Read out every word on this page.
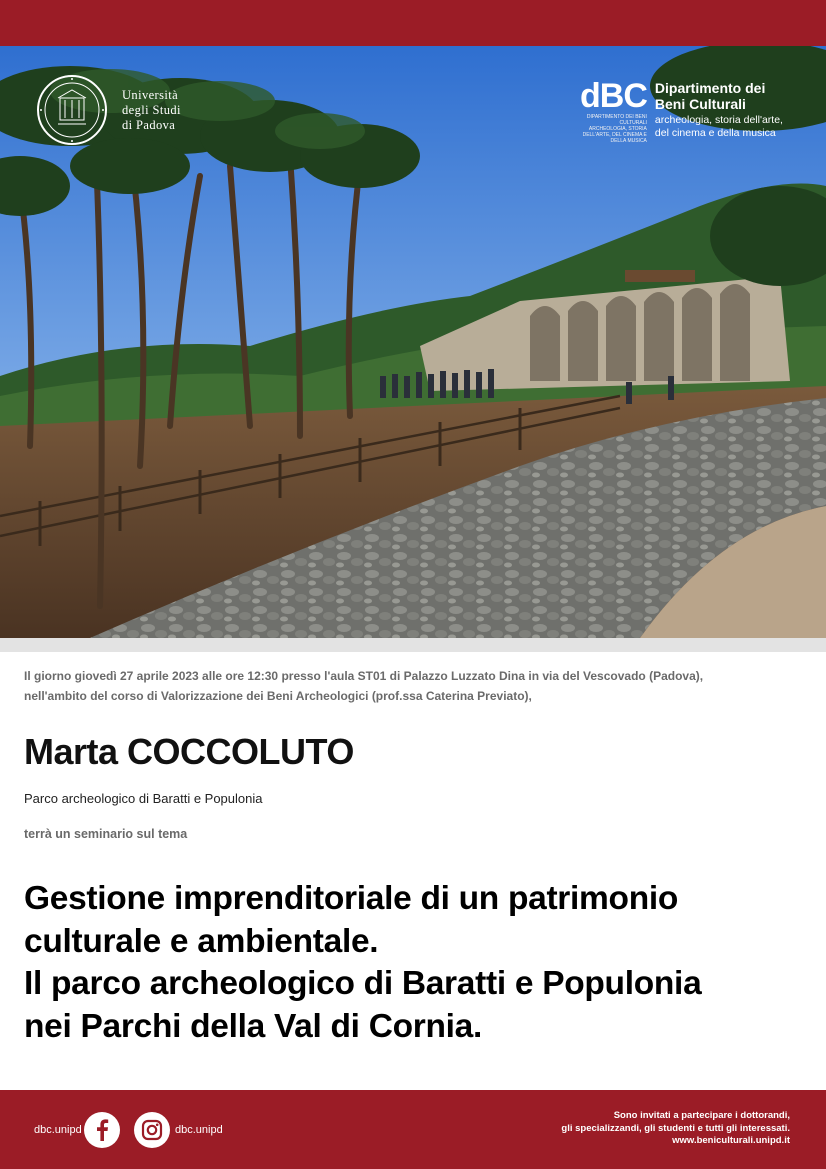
Università
degli Studi
di Padova
dBC
DIPARTIMENTO DEI BENI CULTURALI ARCHEOLOGIA, STORIA DELL'ARTE, DEL CINEMA E DELLA MUSICA
Dipartimento dei
Beni Culturali
archeologia, storia dell'arte,
del cinema e della musica

Il giorno giovedì 27 aprile 2023 alle ore 12:30 presso l'aula ST01 di Palazzo Luzzato Dina in via del Vescovado (Padova), nell'ambito del corso di Valorizzazione dei Beni Archeologici (prof.ssa Caterina Previato),

Marta COCCOLUTO

Parco archeologico di Baratti e Populonia

terrà un seminario sul tema

Gestione imprenditoriale di un patrimonio
culturale e ambientale.
Il parco archeologico di Baratti e Populonia
nei Parchi della Val di Cornia.
dbc.unipd	dbc.unipd
Sono invitati a partecipare i dottorandi,
gli specializzandi, gli studenti e tutti gli interessati.
www.beniculturali.unipd.it
